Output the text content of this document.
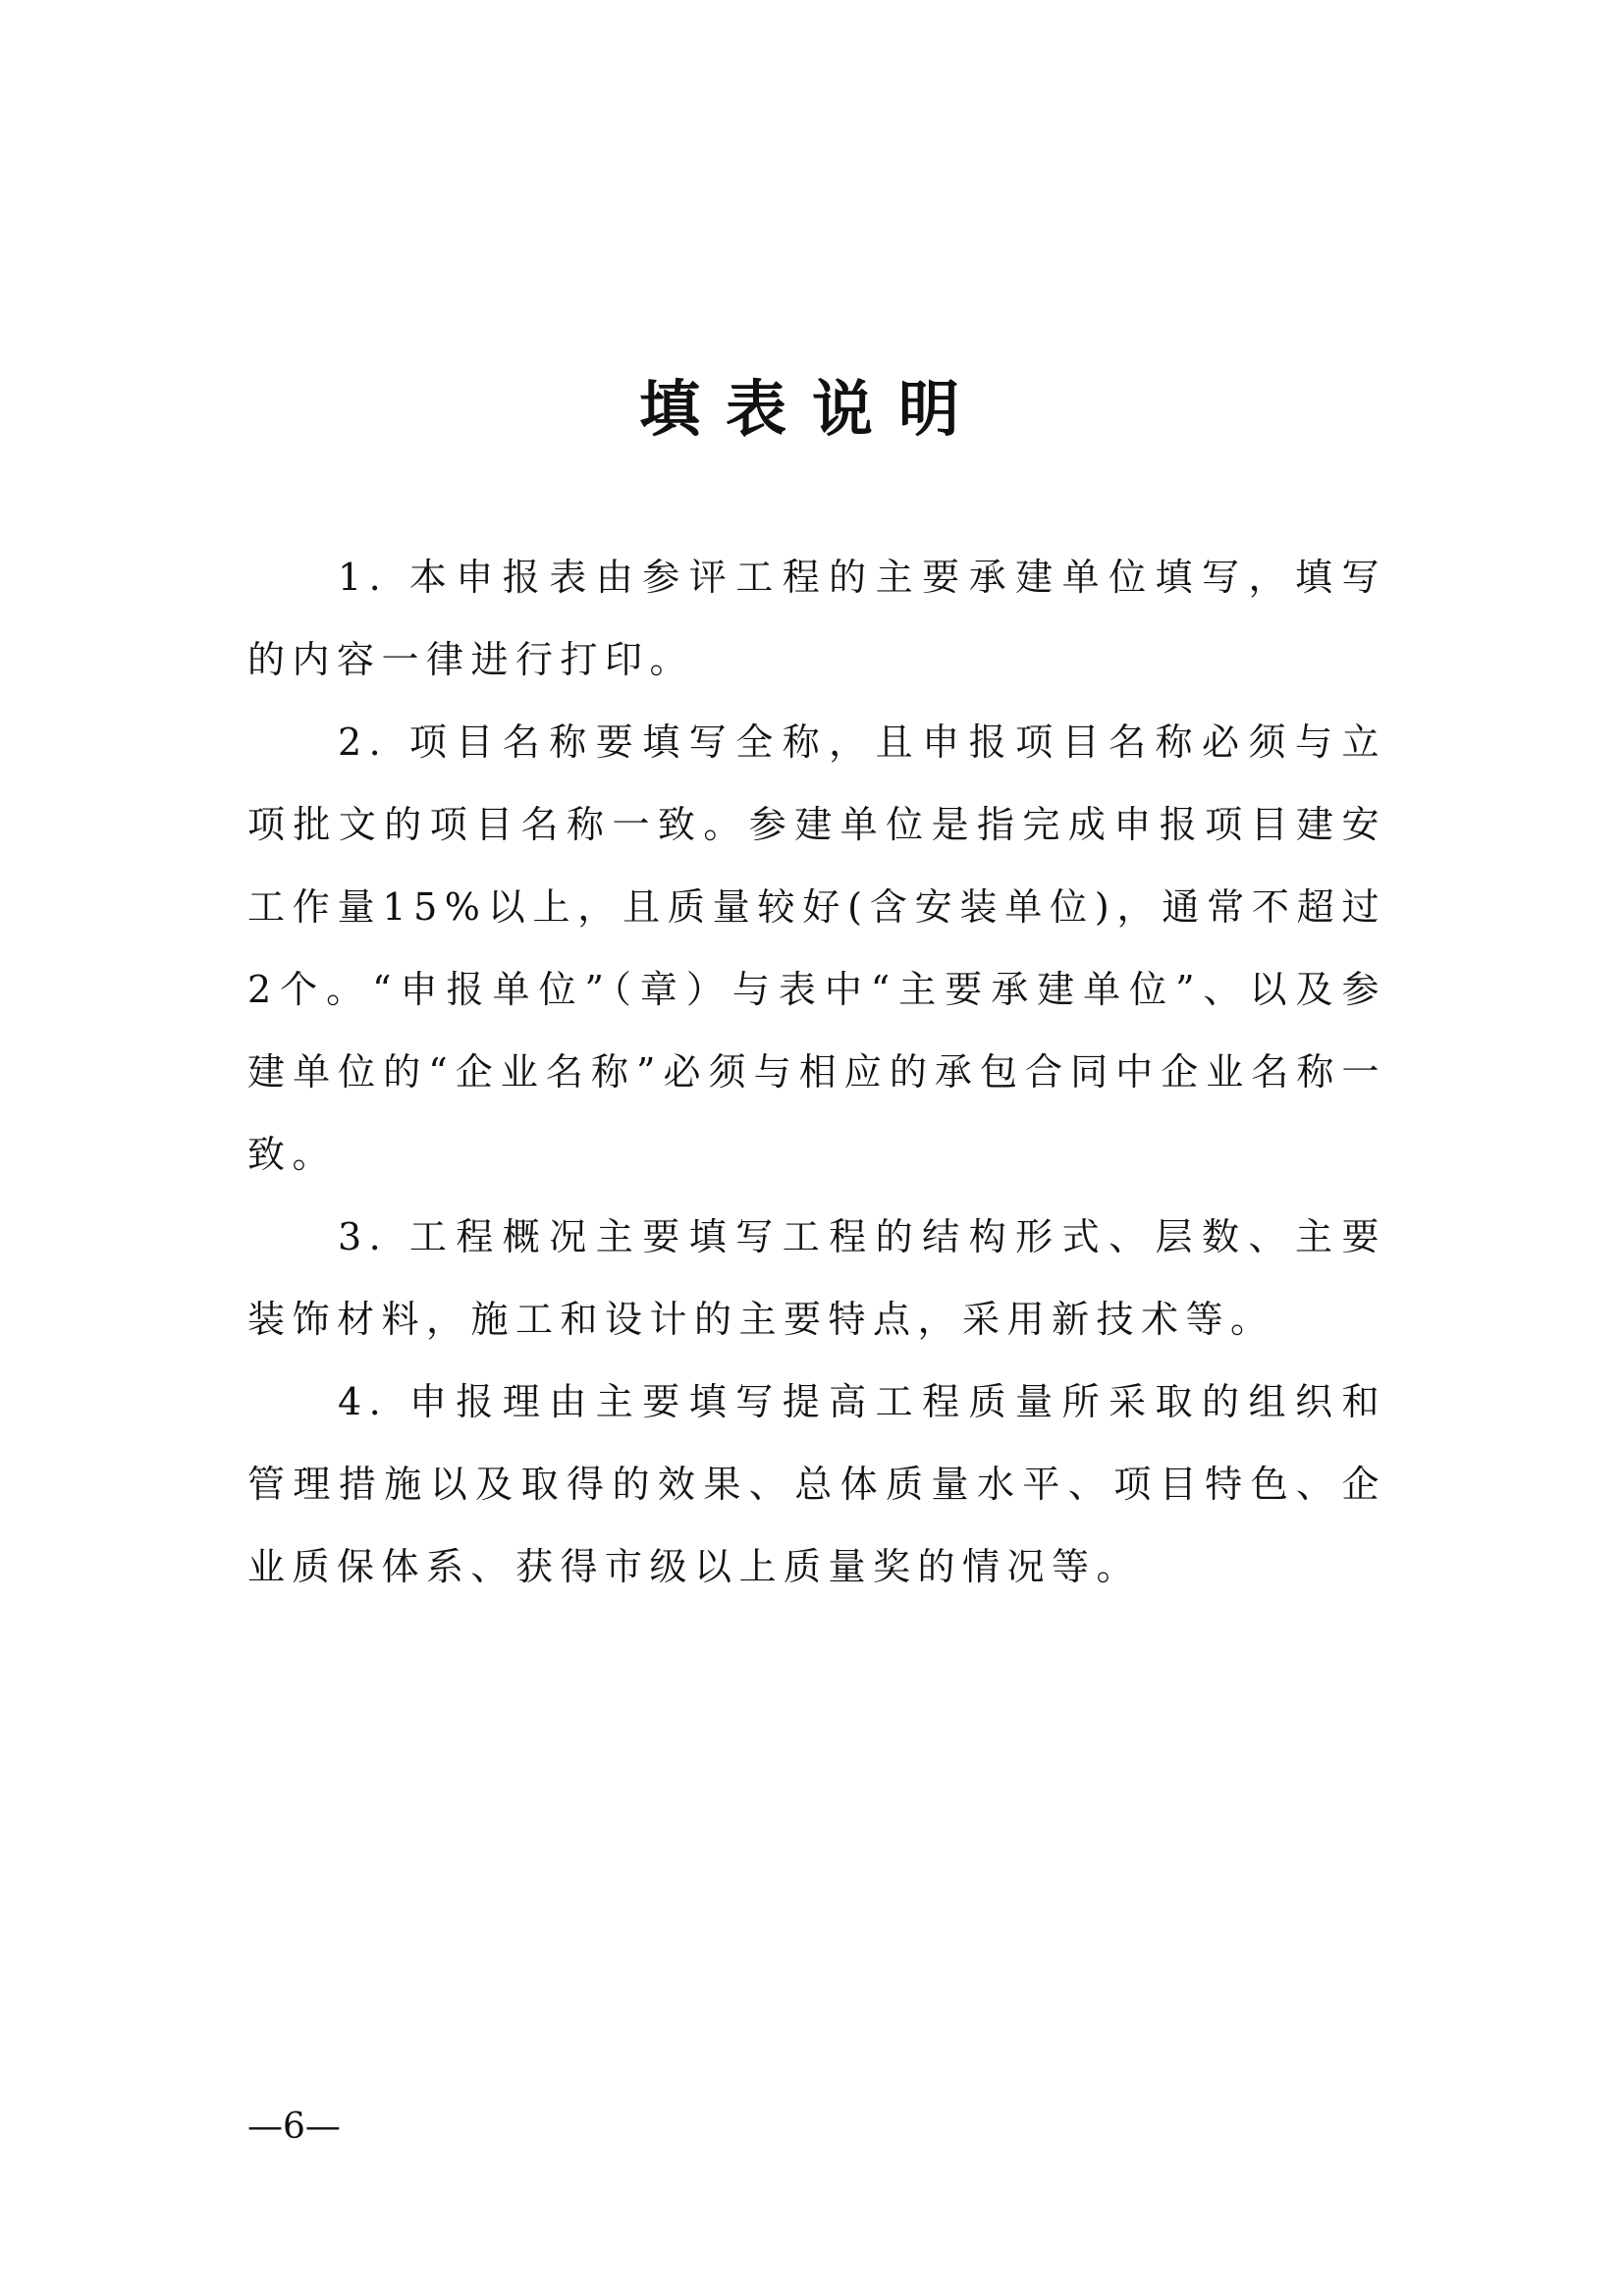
填表说明

1. 本申报表由参评工程的主要承建单位填写，填写的内容一律进行打印。

2. 项目名称要填写全称，且申报项目名称必须与立项批文的项目名称一致。参建单位是指完成申报项目建安工作量15%以上，且质量较好(含安装单位)，通常不超过2个。“申报单位”（章）与表中“主要承建单位”、以及参建单位的“企业名称”必须与相应的承包合同中企业名称一致。

3. 工程概况主要填写工程的结构形式、层数、主要装饰材料，施工和设计的主要特点，采用新技术等。

4. 申报理由主要填写提高工程质量所采取的组织和管理措施以及取得的效果、总体质量水平、项目特色、企业质保体系、获得市级以上质量奖的情况等。

—6—
